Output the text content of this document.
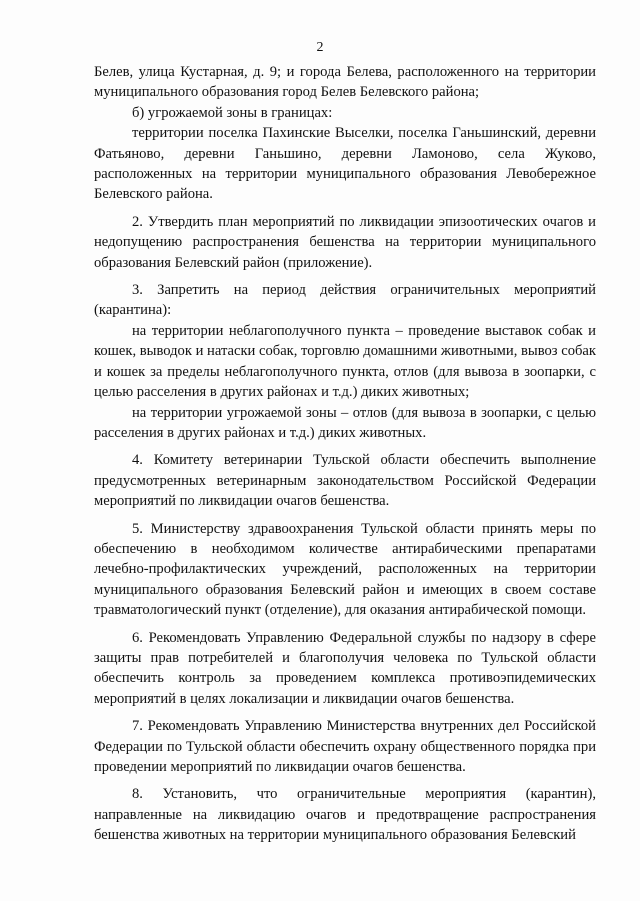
2

Белев, улица Кустарная, д. 9; и города Белева, расположенного на территории муниципального образования город Белев Белевского района;

б) угрожаемой зоны в границах:

территории поселка Пахинские Выселки, поселка Ганьшинский, деревни Фатьяново, деревни Ганьшино, деревни Ламоново, села Жуково, расположенных на территории муниципального образования Левобережное Белевского района.

2. Утвердить план мероприятий по ликвидации эпизоотических очагов и недопущению распространения бешенства на территории муниципального образования Белевский район (приложение).

3. Запретить на период действия ограничительных мероприятий (карантина):

на территории неблагополучного пункта – проведение выставок собак и кошек, выводок и натаски собак, торговлю домашними животными, вывоз собак и кошек за пределы неблагополучного пункта, отлов (для вывоза в зоопарки, с целью расселения в других районах и т.д.) диких животных;

на территории угрожаемой зоны – отлов (для вывоза в зоопарки, с целью расселения в других районах и т.д.) диких животных.

4. Комитету ветеринарии Тульской области обеспечить выполнение предусмотренных ветеринарным законодательством Российской Федерации мероприятий по ликвидации очагов бешенства.

5. Министерству здравоохранения Тульской области принять меры по обеспечению в необходимом количестве антирабическими препаратами лечебно-профилактических учреждений, расположенных на территории муниципального образования Белевский район и имеющих в своем составе травматологический пункт (отделение), для оказания антирабической помощи.

6. Рекомендовать Управлению Федеральной службы по надзору в сфере защиты прав потребителей и благополучия человека по Тульской области обеспечить контроль за проведением комплекса противоэпидемических мероприятий в целях локализации и ликвидации очагов бешенства.

7. Рекомендовать Управлению Министерства внутренних дел Российской Федерации по Тульской области обеспечить охрану общественного порядка при проведении мероприятий по ликвидации очагов бешенства.

8. Установить, что ограничительные мероприятия (карантин), направленные на ликвидацию очагов и предотвращение распространения бешенства животных на территории муниципального образования Белевский
